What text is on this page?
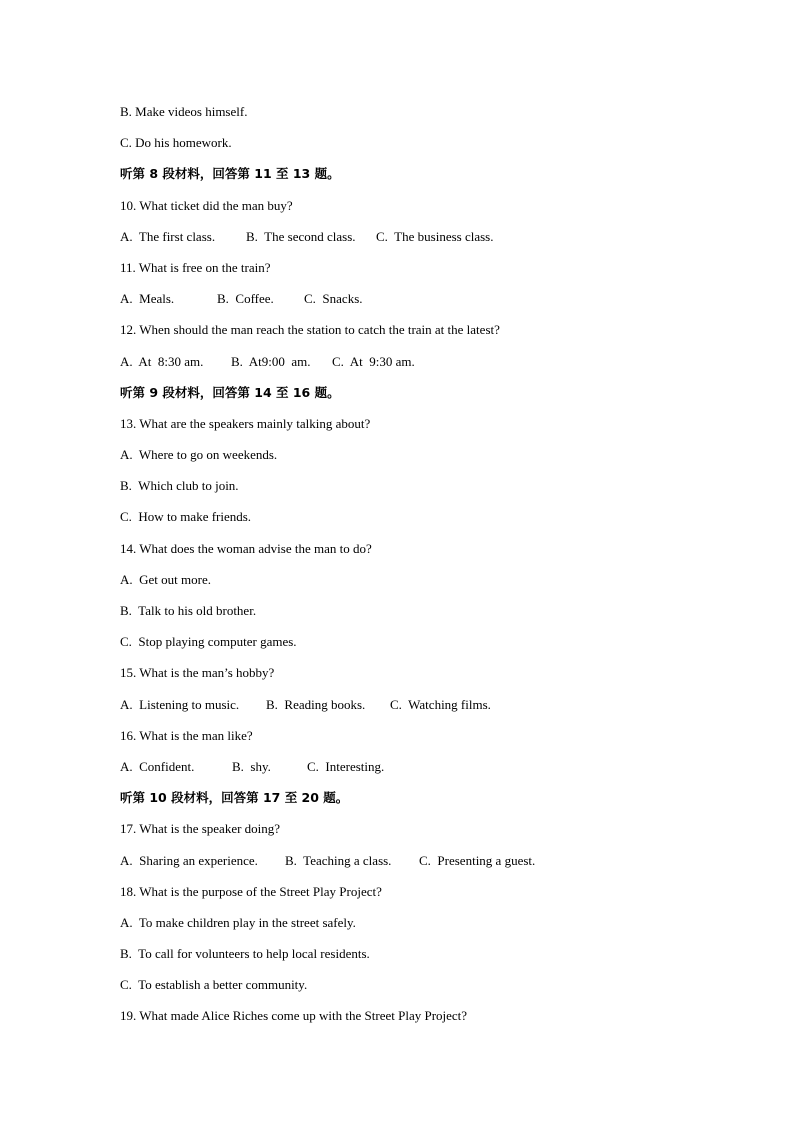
B. Make videos himself.
C. Do his homework.
听第 8 段材料，回答第 11 至 13 题。
10. What ticket did the man buy?
A.  The first class.	B.  The second class.	C.  The business class.
11. What is free on the train?
A.  Meals.	B.  Coffee.	C.  Snacks.
12. When should the man reach the station to catch the train at the latest?
A.  At  8:30 am.	B.  At9:00  am.	C.  At  9:30 am.
听第 9 段材料，回答第 14 至 16 题。
13. What are the speakers mainly talking about?
A.  Where to go on weekends.
B.  Which club to join.
C.  How to make friends.
14. What does the woman advise the man to do?
A.  Get out more.
B.  Talk to his old brother.
C.  Stop playing computer games.
15. What is the man’s hobby?
A.  Listening to music.	B.  Reading books.	C.  Watching films.
16. What is the man like?
A.  Confident.	B.  shy.	C.  Interesting.
听第 10 段材料，回答第 17 至 20 题。
17. What is the speaker doing?
A.  Sharing an experience.	B.  Teaching a class.	C.  Presenting a guest.
18. What is the purpose of the Street Play Project?
A.  To make children play in the street safely.
B.  To call for volunteers to help local residents.
C.  To establish a better community.
19. What made Alice Riches come up with the Street Play Project?
